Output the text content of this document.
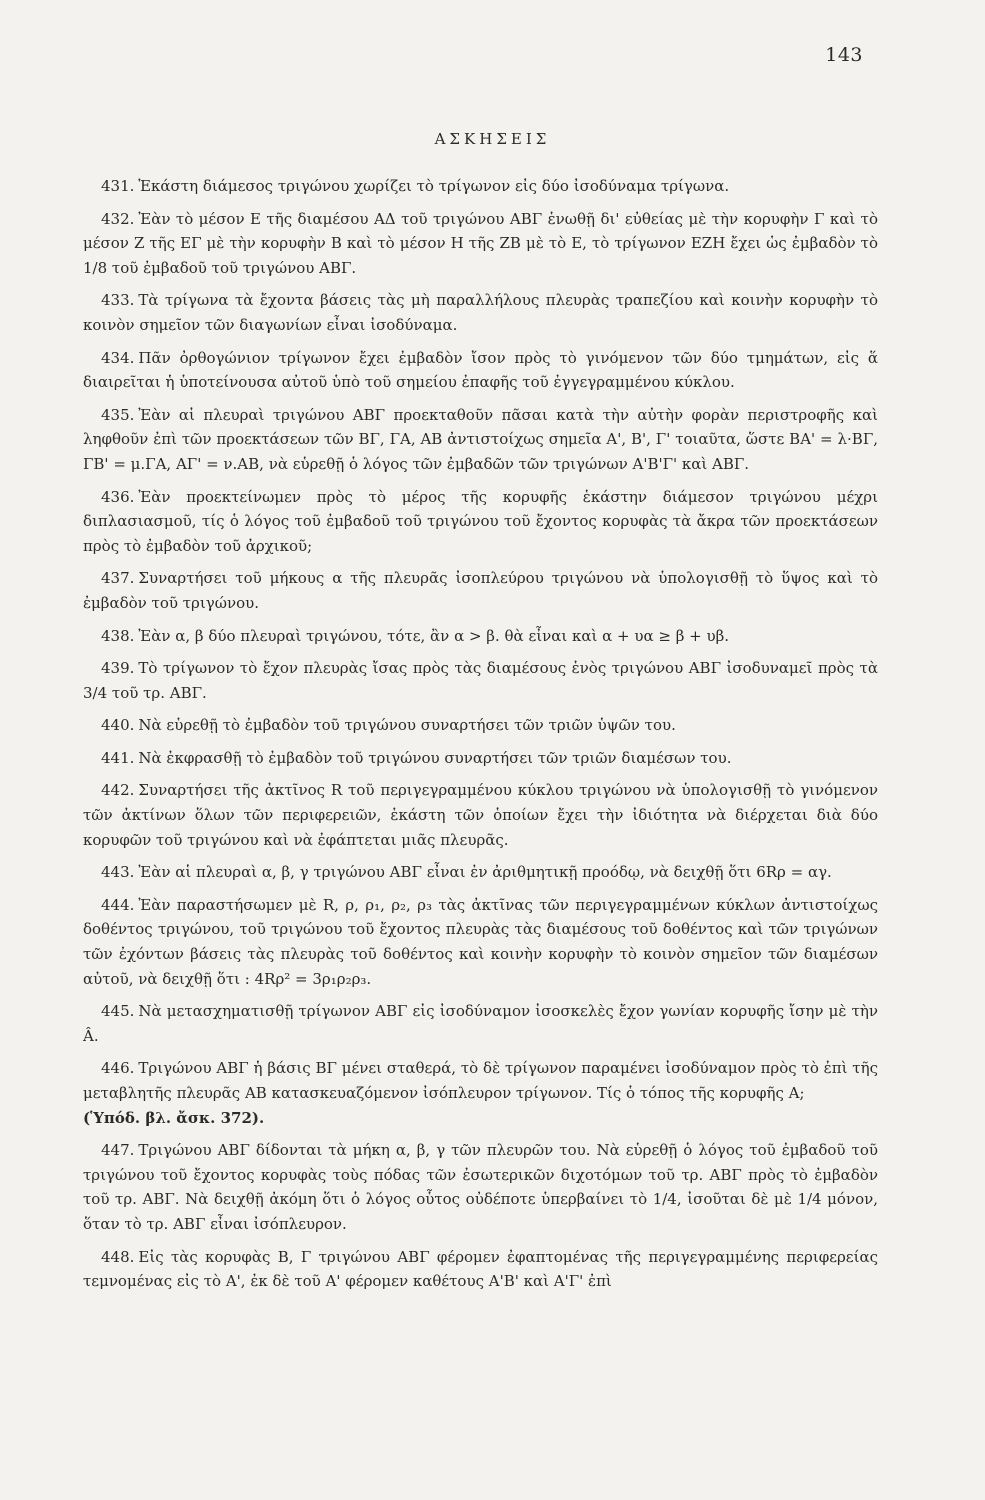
143
ΑΣΚΗΣΕΙΣ

431. Ἑκάστη διάμεσος τριγώνου χωρίζει τὸ τρίγωνον εἰς δύο ἰσοδύναμα τρίγωνα.

432. Ἐὰν τὸ μέσον Ε τῆς διαμέσου ΑΔ τοῦ τριγώνου ΑΒΓ ἑνωθῇ δι' εὐθείας μὲ τὴν κορυφὴν Γ καὶ τὸ μέσον Ζ τῆς ΕΓ μὲ τὴν κορυφὴν Β καὶ τὸ μέσον Η τῆς ΖΒ μὲ τὸ Ε, τὸ τρίγωνον ΕΖΗ ἔχει ὡς ἐμβαδὸν τὸ 1/8 τοῦ ἐμβαδοῦ τοῦ τριγώνου ΑΒΓ.

433. Τὰ τρίγωνα τὰ ἔχοντα βάσεις τὰς μὴ παραλλήλους πλευρὰς τραπεζίου καὶ κοινὴν κορυφὴν τὸ κοινὸν σημεῖον τῶν διαγωνίων εἶναι ἰσοδύναμα.

434. Πᾶν ὀρθογώνιον τρίγωνον ἔχει ἐμβαδὸν ἴσον πρὸς τὸ γινόμενον τῶν δύο τμημάτων, εἰς ἅ διαιρεῖται ἡ ὑποτείνουσα αὐτοῦ ὑπὸ τοῦ σημείου ἐπαφῆς τοῦ ἐγγεγραμμένου κύκλου.

435. Ἐὰν αἱ πλευραὶ τριγώνου ΑΒΓ προεκταθοῦν πᾶσαι κατὰ τὴν αὐτὴν φορὰν περιστροφῆς καὶ ληφθοῦν ἐπὶ τῶν προεκτάσεων τῶν ΒΓ, ΓΑ, ΑΒ ἀντιστοίχως σημεῖα Α', Β', Γ' τοιαῦτα, ὥστε ΒΑ' = λ·ΒΓ, ΓΒ' = μ.ΓΑ, ΑΓ' = ν.ΑΒ, νὰ εὑρεθῇ ὁ λόγος τῶν ἐμβαδῶν τῶν τριγώνων Α'Β'Γ' καὶ ΑΒΓ.

436. Ἐὰν προεκτείνωμεν πρὸς τὸ μέρος τῆς κορυφῆς ἑκάστην διάμεσον τριγώνου μέχρι διπλασιασμοῦ, τίς ὁ λόγος τοῦ ἐμβαδοῦ τοῦ τριγώνου τοῦ ἔχοντος κορυφὰς τὰ ἄκρα τῶν προεκτάσεων πρὸς τὸ ἐμβαδὸν τοῦ ἀρχικοῦ;

437. Συναρτήσει τοῦ μήκους α τῆς πλευρᾶς ἰσοπλεύρου τριγώνου νὰ ὑπολογισθῇ τὸ ὕψος καὶ τὸ ἐμβαδὸν τοῦ τριγώνου.

438. Ἐὰν α, β δύο πλευραὶ τριγώνου, τότε, ἂν α > β. θὰ εἶναι καὶ α + υα ≥ β + υβ.

439. Τὸ τρίγωνον τὸ ἔχον πλευρὰς ἴσας πρὸς τὰς διαμέσους ἑνὸς τριγώνου ΑΒΓ ἰσοδυναμεῖ πρὸς τὰ 3/4 τοῦ τρ. ΑΒΓ.

440. Νὰ εὑρεθῇ τὸ ἐμβαδὸν τοῦ τριγώνου συναρτήσει τῶν τριῶν ὑψῶν του.

441. Νὰ ἐκφρασθῇ τὸ ἐμβαδὸν τοῦ τριγώνου συναρτήσει τῶν τριῶν διαμέσων του.

442. Συναρτήσει τῆς ἀκτῖνος R τοῦ περιγεγραμμένου κύκλου τριγώνου νὰ ὑπολογισθῇ τὸ γινόμενον τῶν ἀκτίνων ὅλων τῶν περιφερειῶν, ἑκάστη τῶν ὁποίων ἔχει τὴν ἰδιότητα νὰ διέρχεται διὰ δύο κορυφῶν τοῦ τριγώνου καὶ νὰ ἐφάπτεται μιᾶς πλευρᾶς.

443. Ἐὰν αἱ πλευραὶ α, β, γ τριγώνου ΑΒΓ εἶναι ἐν ἀριθμητικῇ προόδῳ, νὰ δειχθῇ ὅτι 6Rρ = αγ.

444. Ἐὰν παραστήσωμεν μὲ R, ρ, ρ₁, ρ₂, ρ₃ τὰς ἀκτῖνας τῶν περιγεγραμμένων κύκλων ἀντιστοίχως δοθέντος τριγώνου, τοῦ τριγώνου τοῦ ἔχοντος πλευρὰς τὰς διαμέσους τοῦ δοθέντος καὶ τῶν τριγώνων τῶν ἐχόντων βάσεις τὰς πλευρὰς τοῦ δοθέντος καὶ κοινὴν κορυφὴν τὸ κοινὸν σημεῖον τῶν διαμέσων αὐτοῦ, νὰ δειχθῇ ὅτι : 4Rρ² = 3ρ₁ρ₂ρ₃.

445. Νὰ μετασχηματισθῇ τρίγωνον ΑΒΓ εἰς ἰσοδύναμον ἰσοσκελὲς ἔχον γωνίαν κορυφῆς ἴσην μὲ τὴν Â.

446. Τριγώνου ΑΒΓ ἡ βάσις ΒΓ μένει σταθερά, τὸ δὲ τρίγωνον παραμένει ἰσοδύναμον πρὸς τὸ ἐπὶ τῆς μεταβλητῆς πλευρᾶς ΑΒ κατασκευαζόμενον ἰσόπλευρον τρίγωνον. Τίς ὁ τόπος τῆς κορυφῆς Α;
(Ὑπόδ. βλ. ἄσκ. 372).

447. Τριγώνου ΑΒΓ δίδονται τὰ μήκη α, β, γ τῶν πλευρῶν του. Νὰ εὑρεθῇ ὁ λόγος τοῦ ἐμβαδοῦ τοῦ τριγώνου τοῦ ἔχοντος κορυφὰς τοὺς πόδας τῶν ἐσωτερικῶν διχοτόμων τοῦ τρ. ΑΒΓ πρὸς τὸ ἐμβαδὸν τοῦ τρ. ΑΒΓ. Νὰ δειχθῇ ἀκόμη ὅτι ὁ λόγος οὗτος οὐδέποτε ὑπερβαίνει τὸ 1/4, ἰσοῦται δὲ μὲ 1/4 μόνον, ὅταν τὸ τρ. ΑΒΓ εἶναι ἰσόπλευρον.

448. Εἰς τὰς κορυφὰς Β, Γ τριγώνου ΑΒΓ φέρομεν ἐφαπτομένας τῆς περιγεγραμμένης περιφερείας τεμνομένας εἰς τὸ Α', ἐκ δὲ τοῦ Α' φέρομεν καθέτους Α'Β' καὶ Α'Γ' ἐπὶ
